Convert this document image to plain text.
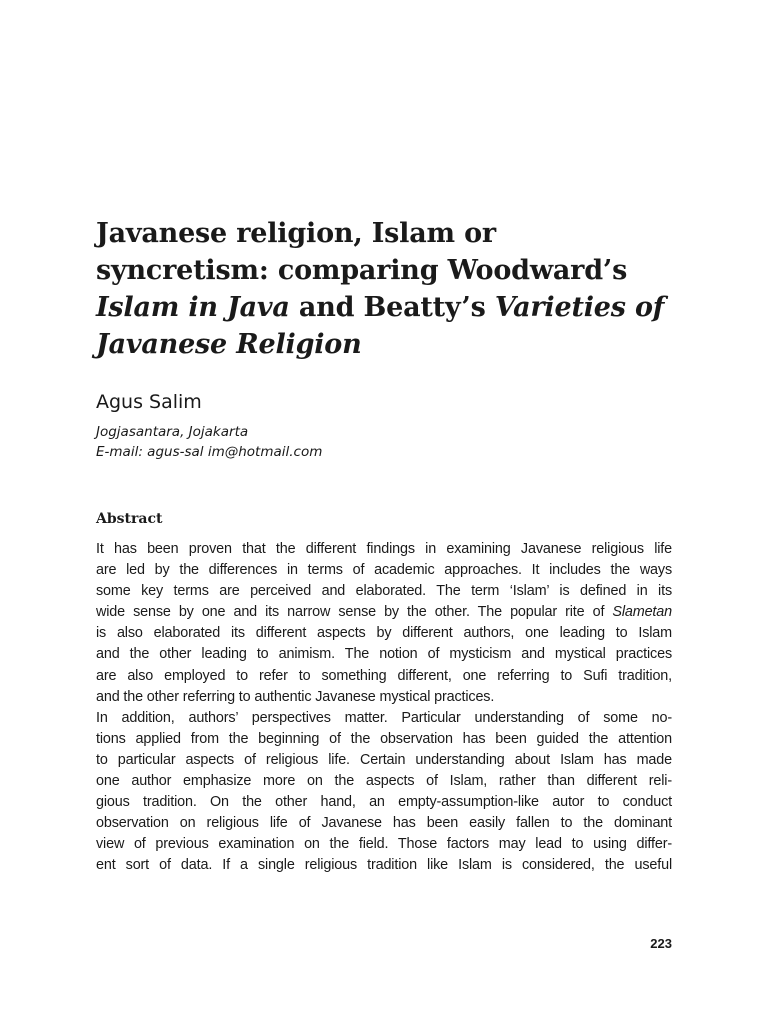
Javanese religion, Islam or
syncretism: comparing Woodward’s
Islam in Java and Beatty’s Varieties of
Javanese Religion
Agus Salim
Jogjasantara, Jojakarta
E-mail: agus-sal im@hotmail.com
Abstract
It has been proven that the different findings in examining Javanese religious life
are led by the differences in terms of academic approaches. It includes the ways
some key terms are perceived and elaborated. The term ‘Islam’ is defined in its
wide sense by one and its narrow sense by the other. The popular rite of Slametan
is also elaborated its different aspects by different authors, one leading to Islam
and the other leading to animism. The notion of mysticism and mystical practices
are also employed to refer to something different, one referring to Sufi tradition,
and the other referring to authentic Javanese mystical practices.
In addition, authors’ perspectives matter. Particular understanding of some no-
tions applied from the beginning of the observation has been guided the attention
to particular aspects of religious life. Certain understanding about Islam has made
one author emphasize more on the aspects of Islam, rather than different reli-
gious tradition. On the other hand, an empty-assumption-like autor to conduct
observation on religious life of Javanese has been easily fallen to the dominant
view of previous examination on the field. Those factors may lead to using differ-
ent sort of data. If a single religious tradition like Islam is considered, the useful
223
